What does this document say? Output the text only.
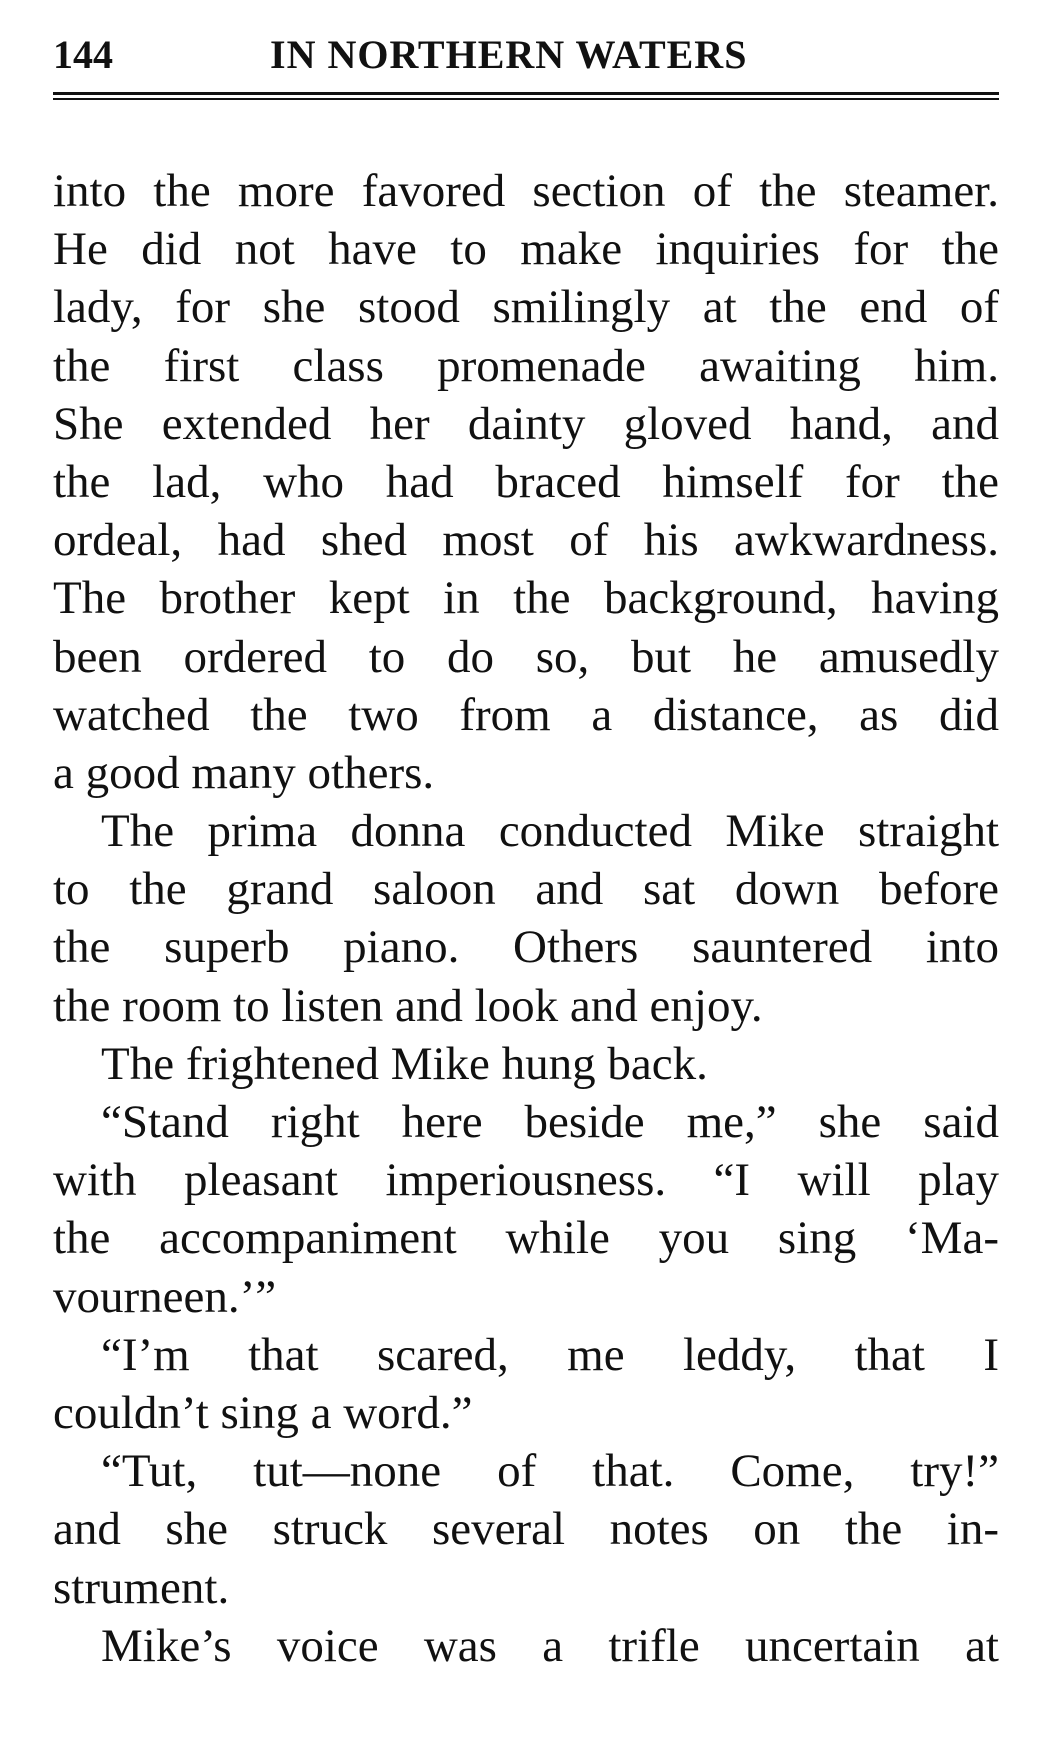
144	IN NORTHERN WATERS
into the more favored section of the steamer.
He did not have to make inquiries for the
lady, for she stood smilingly at the end of
the first class promenade awaiting him.
She extended her dainty gloved hand, and
the lad, who had braced himself for the
ordeal, had shed most of his awkwardness.
The brother kept in the background, having
been ordered to do so, but he amusedly
watched the two from a distance, as did
a good many others.
The prima donna conducted Mike straight
to the grand saloon and sat down before
the superb piano. Others sauntered into
the room to listen and look and enjoy.
The frightened Mike hung back.
“Stand right here beside me,” she said
with pleasant imperiousness. “I will play
the accompaniment while you sing ‘Ma-
vourneen.’”
“I’m that scared, me leddy, that I
couldn’t sing a word.”
“Tut, tut—none of that. Come, try!”
and she struck several notes on the in-
strument.
Mike’s voice was a trifle uncertain at
